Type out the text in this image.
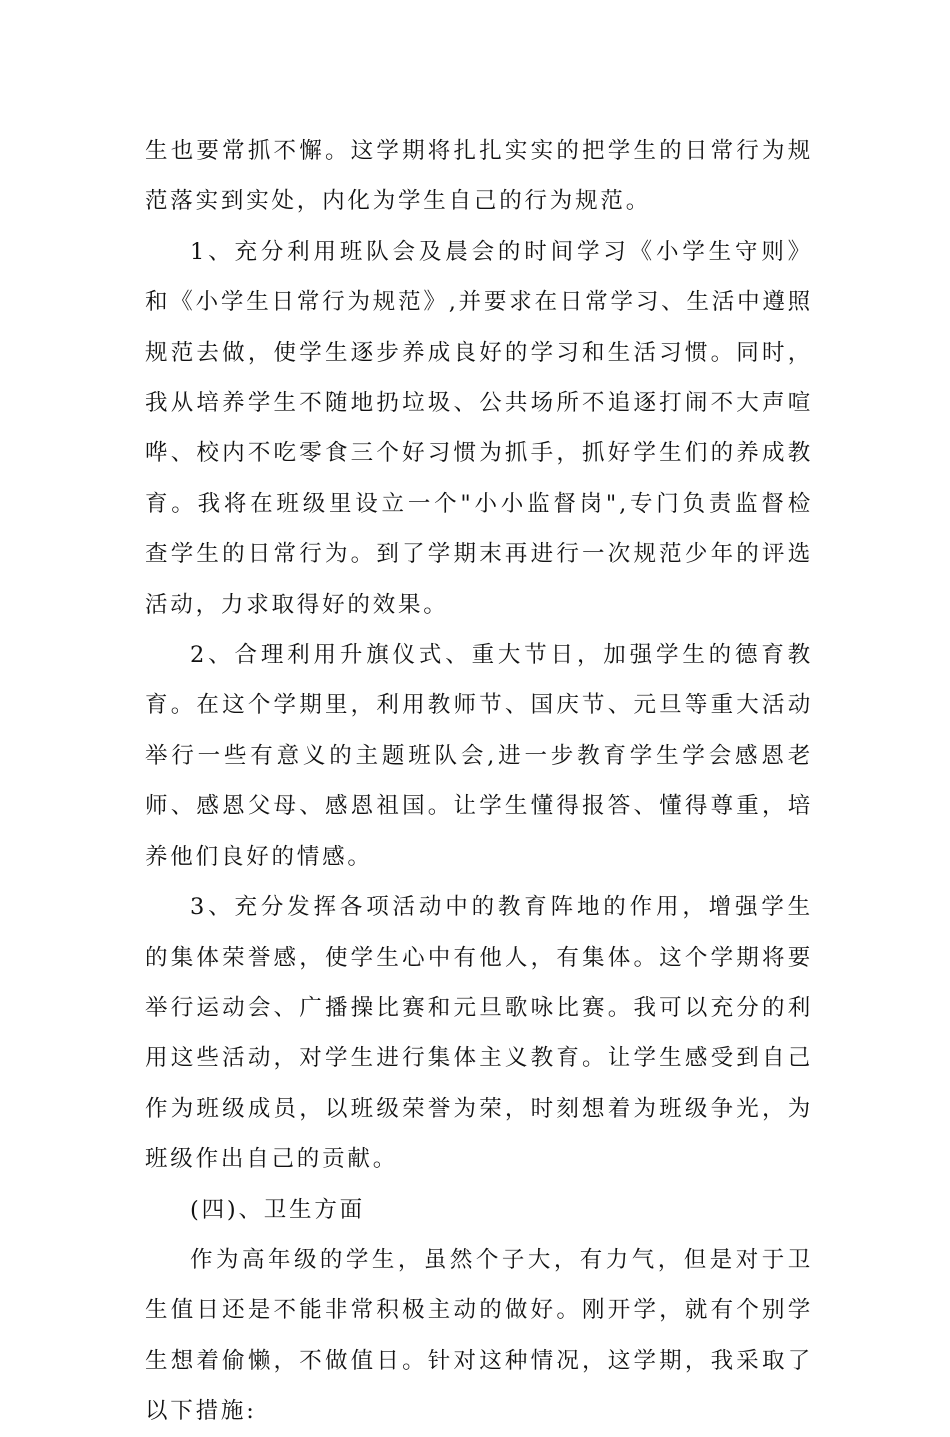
生也要常抓不懈。这学期将扎扎实实的把学生的日常行为规范落实到实处，内化为学生自己的行为规范。

1、充分利用班队会及晨会的时间学习《小学生守则》和《小学生日常行为规范》,并要求在日常学习、生活中遵照规范去做，使学生逐步养成良好的学习和生活习惯。同时，我从培养学生不随地扔垃圾、公共场所不追逐打闹不大声喧哗、校内不吃零食三个好习惯为抓手，抓好学生们的养成教育。我将在班级里设立一个"小小监督岗",专门负责监督检查学生的日常行为。到了学期末再进行一次规范少年的评选活动，力求取得好的效果。

2、合理利用升旗仪式、重大节日，加强学生的德育教育。在这个学期里，利用教师节、国庆节、元旦等重大活动举行一些有意义的主题班队会,进一步教育学生学会感恩老师、感恩父母、感恩祖国。让学生懂得报答、懂得尊重，培养他们良好的情感。

3、充分发挥各项活动中的教育阵地的作用，增强学生的集体荣誉感，使学生心中有他人，有集体。这个学期将要举行运动会、广播操比赛和元旦歌咏比赛。我可以充分的利用这些活动，对学生进行集体主义教育。让学生感受到自己作为班级成员，以班级荣誉为荣，时刻想着为班级争光，为班级作出自己的贡献。

(四)、卫生方面

作为高年级的学生，虽然个子大，有力气，但是对于卫生值日还是不能非常积极主动的做好。刚开学，就有个别学生想着偷懒，不做值日。针对这种情况，这学期，我采取了以下措施:
